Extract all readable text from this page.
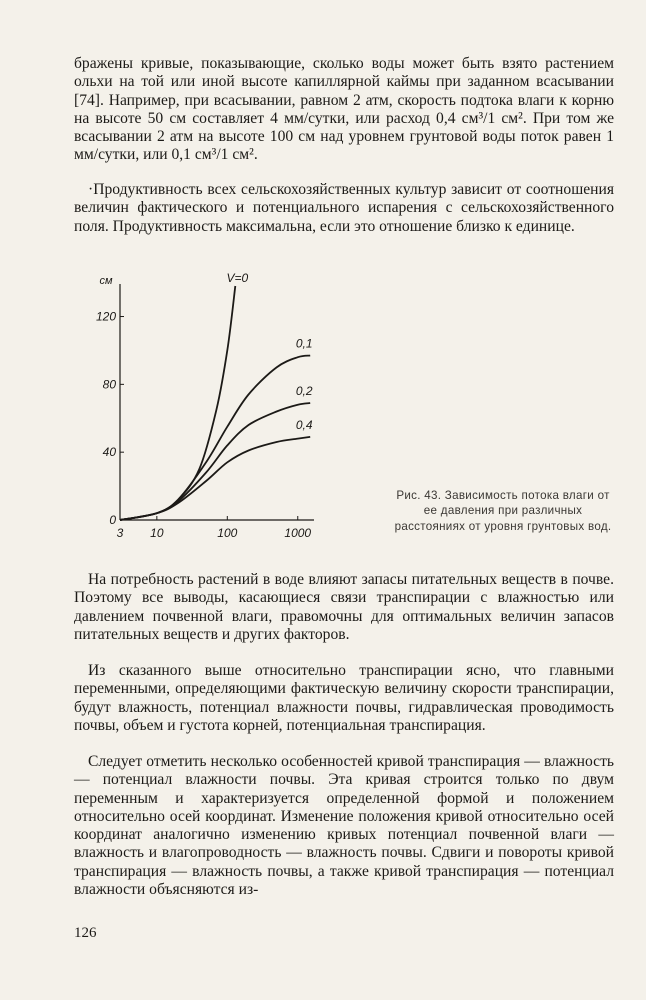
бражены кривые, показывающие, сколько воды может быть взято растением ольхи на той или иной высоте капиллярной каймы при заданном всасывании [74]. Например, при всасывании, равном 2 атм, скорость подтока влаги к корню на высоте 50 см составляет 4 мм/сутки, или расход 0,4 см³/1 см². При том же всасывании 2 атм на высоте 100 см над уровнем грунтовой воды поток равен 1 мм/сутки, или 0,1 см³/1 см².

·Продуктивность всех сельскохозяйственных культур зависит от соотношения величин фактического и потенциального испарения с сельскохозяйственного поля. Продуктивность максимальна, если это отношение близко к единице.

см
0
40
80
120
3 10	100	1000
V=0
0,1
0,2
0,4
Рис. 43. Зависимость потока влаги от ее давления при различных расстояниях от уровня грунтовых вод.

На потребность растений в воде влияют запасы питательных веществ в почве. Поэтому все выводы, касающиеся связи транспирации с влажностью или давлением почвенной влаги, правомочны для оптимальных величин запасов питательных веществ и других факторов.

Из сказанного выше относительно транспирации ясно, что главными переменными, определяющими фактическую величину скорости транспирации, будут влажность, потенциал влажности почвы, гидравлическая проводимость почвы, объем и густота корней, потенциальная транспирация.

Следует отметить несколько особенностей кривой транспирация — влажность — потенциал влажности почвы. Эта кривая строится только по двум переменным и характеризуется определенной формой и положением относительно осей координат. Изменение положения кривой относительно осей координат аналогично изменению кривых потенциал почвенной влаги — влажность и влагопроводность — влажность почвы. Сдвиги и повороты кривой транспирация — влажность почвы, а также кривой транспирация — потенциал влажности объясняются из-

126
